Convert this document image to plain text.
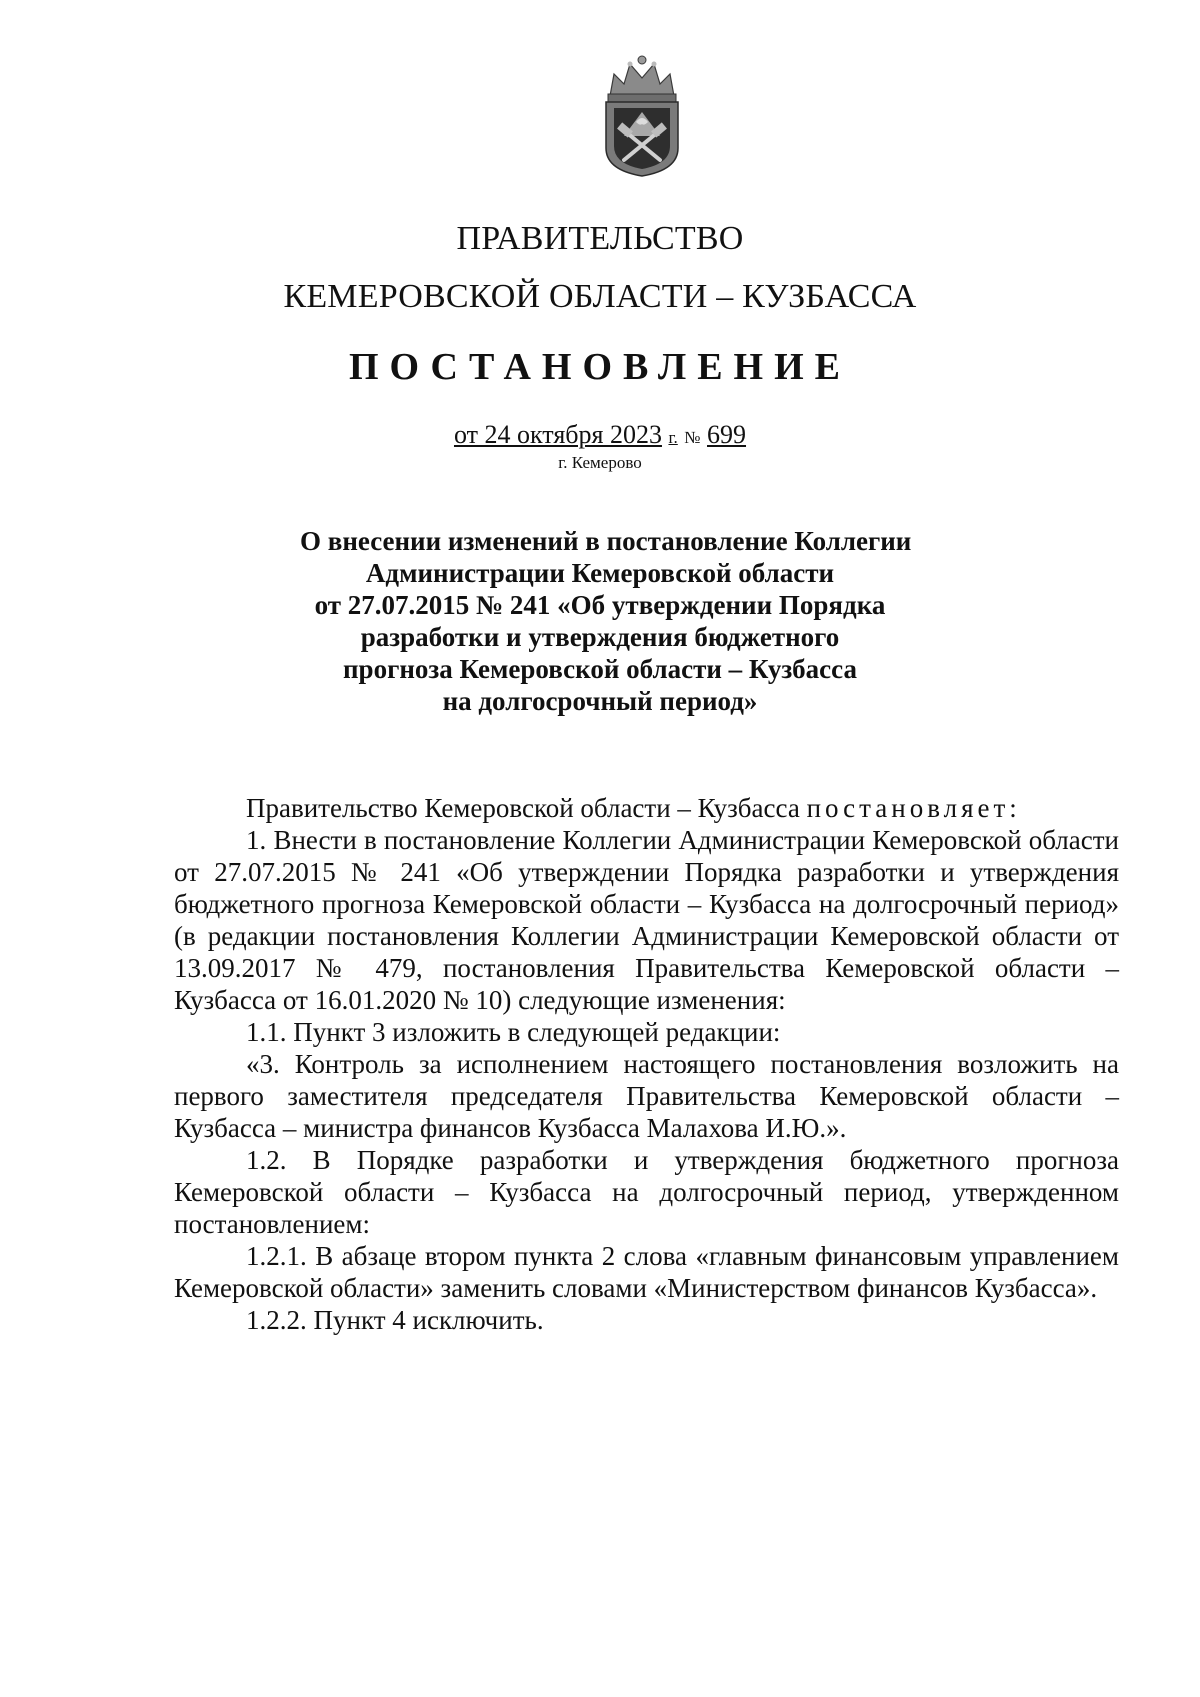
ПРАВИТЕЛЬСТВО
КЕМЕРОВСКОЙ ОБЛАСТИ – КУЗБАССА
ПОСТАНОВЛЕНИЕ
от 24 октября 2023 г. № 699
г. Кемерово
О внесении изменений в постановление Коллегии
Администрации Кемеровской области
от 27.07.2015 № 241 «Об утверждении Порядка
разработки и утверждения бюджетного
прогноза Кемеровской области – Кузбасса
на долгосрочный период»

Правительство Кемеровской области – Кузбасса постановляет:

1. Внести в постановление Коллегии Администрации Кемеровской области от 27.07.2015 № 241 «Об утверждении Порядка разработки и утверждения бюджетного прогноза Кемеровской области – Кузбасса на долгосрочный период» (в редакции постановления Коллегии Администрации Кемеровской области от 13.09.2017 № 479, постановления Правительства Кемеровской области – Кузбасса от 16.01.2020 № 10) следующие изменения:

1.1. Пункт 3 изложить в следующей редакции:

«3. Контроль за исполнением настоящего постановления возложить на первого заместителя председателя Правительства Кемеровской области – Кузбасса – министра финансов Кузбасса Малахова И.Ю.».

1.2. В Порядке разработки и утверждения бюджетного прогноза Кемеровской области – Кузбасса на долгосрочный период, утвержденном постановлением:

1.2.1. В абзаце втором пункта 2 слова «главным финансовым управлением Кемеровской области» заменить словами «Министерством финансов Кузбасса».

1.2.2. Пункт 4 исключить.
